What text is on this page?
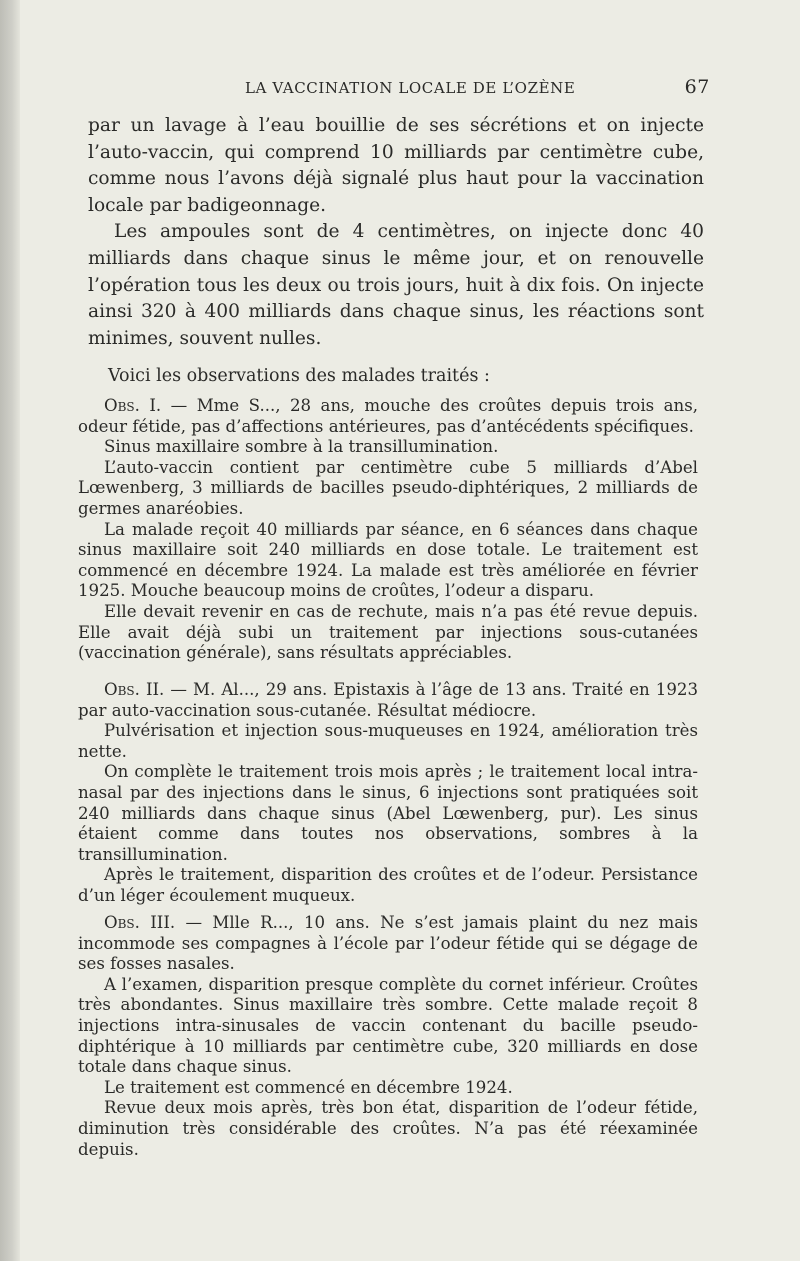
LA VACCINATION LOCALE DE L’OZÈNE	67

par un lavage à l’eau bouillie de ses sécrétions et on injecte l’auto-vaccin, qui comprend 10 milliards par centimètre cube, comme nous l’avons déjà signalé plus haut pour la vaccination locale par badigeonnage.

Les ampoules sont de 4 centimètres, on injecte donc 40 milliards dans chaque sinus le même jour, et on renouvelle l’opération tous les deux ou trois jours, huit à dix fois. On injecte ainsi 320 à 400 milliards dans chaque sinus, les réactions sont minimes, souvent nulles.

Voici les observations des malades traités :

Obs. I. — Mme S..., 28 ans, mouche des croûtes depuis trois ans, odeur fétide, pas d’affections antérieures, pas d’antécédents spécifiques.

Sinus maxillaire sombre à la transillumination.

L’auto-vaccin contient par centimètre cube 5 milliards d’Abel Lœwenberg, 3 milliards de bacilles pseudo-diphtériques, 2 milliards de germes anaréobies.

La malade reçoit 40 milliards par séance, en 6 séances dans chaque sinus maxillaire soit 240 milliards en dose totale. Le traitement est commencé en décembre 1924. La malade est très améliorée en février 1925. Mouche beaucoup moins de croûtes, l’odeur a disparu.

Elle devait revenir en cas de rechute, mais n’a pas été revue depuis. Elle avait déjà subi un traitement par injections sous-cutanées (vaccination générale), sans résultats appréciables.

Obs. II. — M. Al..., 29 ans. Epistaxis à l’âge de 13 ans. Traité en 1923 par auto-vaccination sous-cutanée. Résultat médiocre.

Pulvérisation et injection sous-muqueuses en 1924, amélioration très nette.

On complète le traitement trois mois après ; le traitement local intra-nasal par des injections dans le sinus, 6 injections sont pratiquées soit 240 milliards dans chaque sinus (Abel Lœwenberg, pur). Les sinus étaient comme dans toutes nos observations, sombres à la transillumination.

Après le traitement, disparition des croûtes et de l’odeur. Persistance d’un léger écoulement muqueux.

Obs. III. — Mlle R..., 10 ans. Ne s’est jamais plaint du nez mais incommode ses compagnes à l’école par l’odeur fétide qui se dégage de ses fosses nasales.

A l’examen, disparition presque complète du cornet inférieur. Croûtes très abondantes. Sinus maxillaire très sombre. Cette malade reçoit 8 injections intra-sinusales de vaccin contenant du bacille pseudo-diphtérique à 10 milliards par centimètre cube, 320 milliards en dose totale dans chaque sinus.

Le traitement est commencé en décembre 1924.

Revue deux mois après, très bon état, disparition de l’odeur fétide, diminution très considérable des croûtes. N’a pas été réexaminée depuis.
